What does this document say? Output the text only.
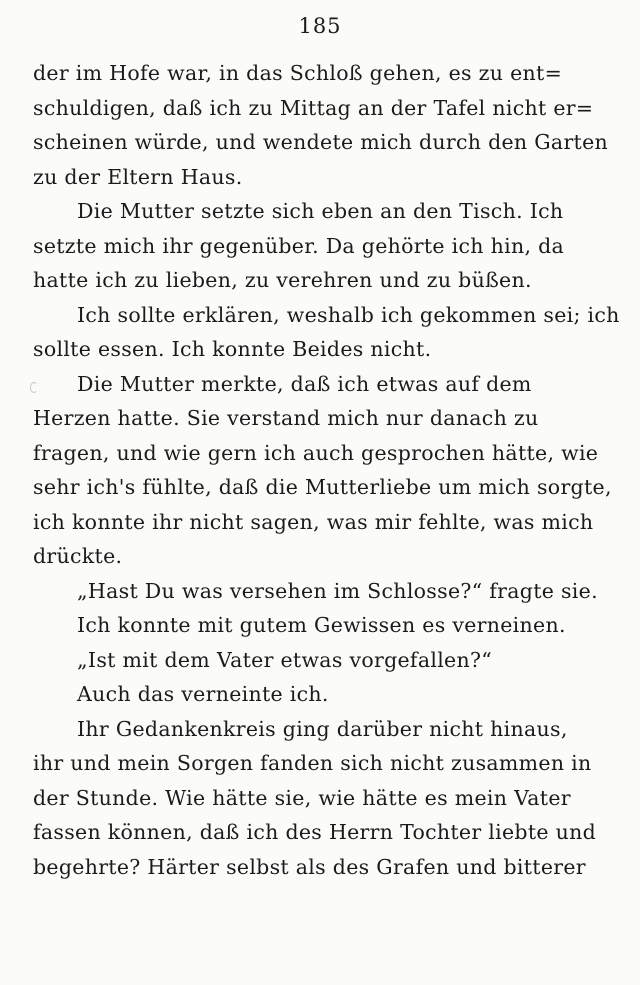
185
der im Hofe war, in das Schloß gehen, es zu ent=
schuldigen, daß ich zu Mittag an der Tafel nicht er=
scheinen würde, und wendete mich durch den Garten
zu der Eltern Haus.
Die Mutter setzte sich eben an den Tisch. Ich
setzte mich ihr gegenüber. Da gehörte ich hin, da
hatte ich zu lieben, zu verehren und zu büßen.
Ich sollte erklären, weshalb ich gekommen sei; ich
sollte essen. Ich konnte Beides nicht.
Die Mutter merkte, daß ich etwas auf dem
Herzen hatte. Sie verstand mich nur danach zu
fragen, und wie gern ich auch gesprochen hätte, wie
sehr ich's fühlte, daß die Mutterliebe um mich sorgte,
ich konnte ihr nicht sagen, was mir fehlte, was mich
drückte.
„Hast Du was versehen im Schlosse?“ fragte sie.
Ich konnte mit gutem Gewissen es verneinen.
„Ist mit dem Vater etwas vorgefallen?“
Auch das verneinte ich.
Ihr Gedankenkreis ging darüber nicht hinaus,
ihr und mein Sorgen fanden sich nicht zusammen in
der Stunde. Wie hätte sie, wie hätte es mein Vater
fassen können, daß ich des Herrn Tochter liebte und
begehrte? Härter selbst als des Grafen und bitterer
